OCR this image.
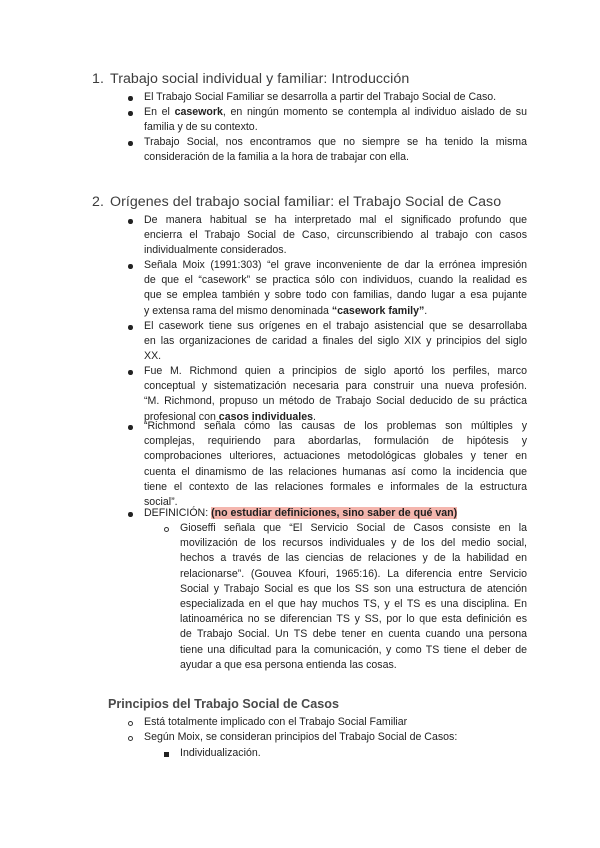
1. Trabajo social individual y familiar: Introducción
El Trabajo Social Familiar se desarrolla a partir del Trabajo Social de Caso.
En el casework, en ningún momento se contempla al individuo aislado de su
familia y de su contexto.
Trabajo Social, nos encontramos que no siempre se ha tenido la misma
consideración de la familia a la hora de trabajar con ella.
2. Orígenes del trabajo social familiar: el Trabajo Social de Caso
De manera habitual se ha interpretado mal el significado profundo que
encierra el Trabajo Social de Caso, circunscribiendo al trabajo con casos
individualmente considerados.
Señala Moix (1991:303) “el grave inconveniente de dar la errónea impresión
de que el “casework” se practica sólo con individuos, cuando la realidad es
que se emplea también y sobre todo con familias, dando lugar a esa pujante
y extensa rama del mismo denominada “casework family”.
El casework tiene sus orígenes en el trabajo asistencial que se desarrollaba
en las organizaciones de caridad a finales del siglo XIX y principios del siglo
XX.
Fue M. Richmond quien a principios de siglo aportó los perfiles, marco
conceptual y sistematización necesaria para construir una nueva profesión.
“M. Richmond, propuso un método de Trabajo Social deducido de su práctica
profesional con casos individuales.
“Richmond señala cómo las causas de los problemas son múltiples y
complejas, requiriendo para abordarlas, formulación de hipótesis y
comprobaciones ulteriores, actuaciones metodológicas globales y tener en
cuenta el dinamismo de las relaciones humanas así como la incidencia que
tiene el contexto de las relaciones formales e informales de la estructura
social”.
DEFINICIÓN: (no estudiar definiciones, sino saber de qué van)
Gioseffi señala que “El Servicio Social de Casos consiste en la
movilización de los recursos individuales y de los del medio social,
hechos a través de las ciencias de relaciones y de la habilidad en
relacionarse”. (Gouvea Kfouri, 1965:16). La diferencia entre Servicio
Social y Trabajo Social es que los SS son una estructura de atención
especializada en el que hay muchos TS, y el TS es una disciplina. En
latinoamérica no se diferencian TS y SS, por lo que esta definición es
de Trabajo Social. Un TS debe tener en cuenta cuando una persona
tiene una dificultad para la comunicación, y como TS tiene el deber de
ayudar a que esa persona entienda las cosas.
Principios del Trabajo Social de Casos
Está totalmente implicado con el Trabajo Social Familiar
Según Moix, se consideran principios del Trabajo Social de Casos:
Individualización.
